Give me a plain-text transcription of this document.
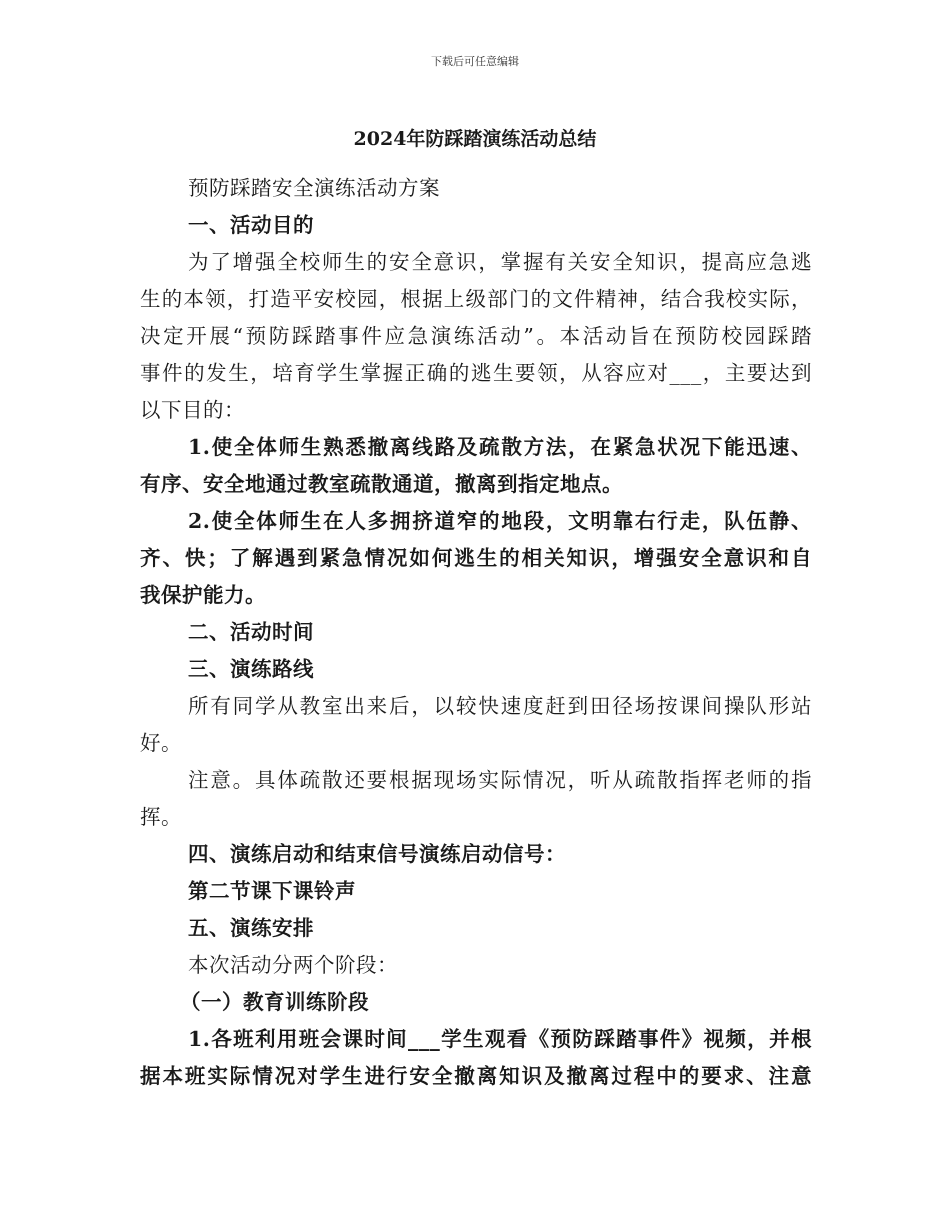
下载后可任意编辑
2024年防踩踏演练活动总结
预防踩踏安全演练活动方案
一、活动目的
为了增强全校师生的安全意识，掌握有关安全知识，提高应急逃
生的本领，打造平安校园，根据上级部门的文件精神，结合我校实际，
决定开展“预防踩踏事件应急演练活动”。本活动旨在预防校园踩踏
事件的发生，培育学生掌握正确的逃生要领，从容应对___，主要达到
以下目的：
1.使全体师生熟悉撤离线路及疏散方法，在紧急状况下能迅速、
有序、安全地通过教室疏散通道，撤离到指定地点。
2.使全体师生在人多拥挤道窄的地段，文明靠右行走，队伍静、
齐、快；了解遇到紧急情况如何逃生的相关知识，增强安全意识和自
我保护能力。
二、活动时间
三、演练路线
所有同学从教室出来后，以较快速度赶到田径场按课间操队形站
好。
注意。具体疏散还要根据现场实际情况，听从疏散指挥老师的指
挥。
四、演练启动和结束信号演练启动信号：
第二节课下课铃声
五、演练安排
本次活动分两个阶段：
（一）教育训练阶段
1.各班利用班会课时间___学生观看《预防踩踏事件》视频，并根
据本班实际情况对学生进行安全撤离知识及撤离过程中的要求、注意
